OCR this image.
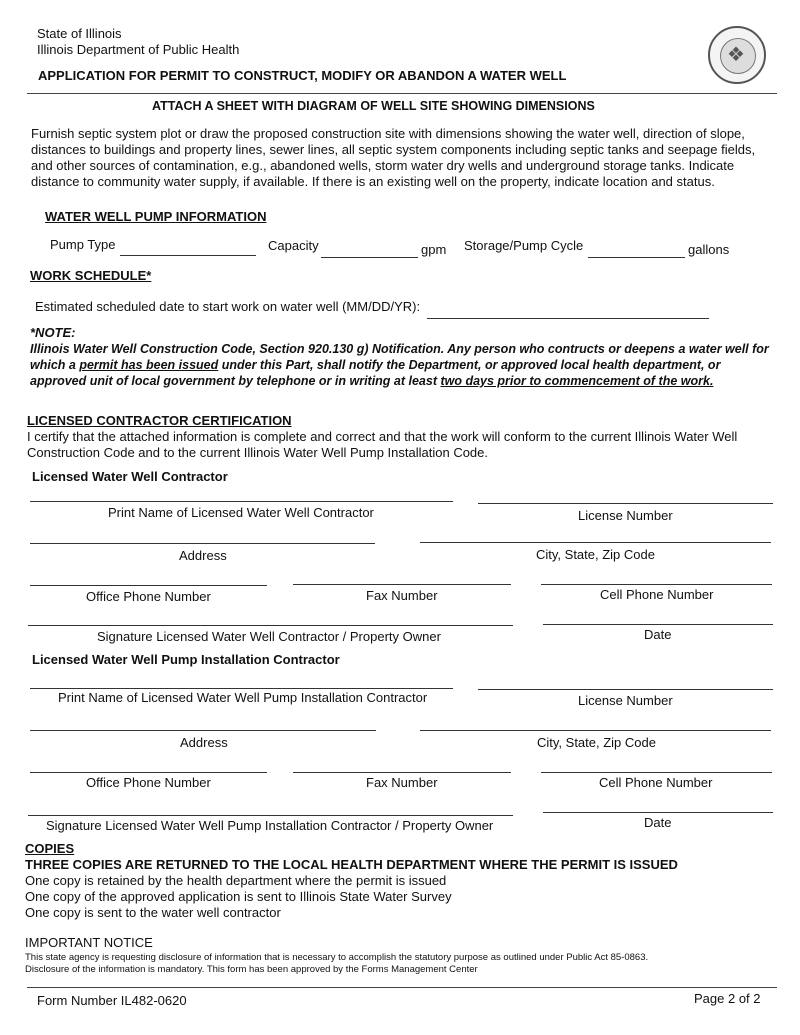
State of Illinois
Illinois Department of Public Health
APPLICATION FOR PERMIT TO CONSTRUCT, MODIFY OR ABANDON A WATER WELL
❖
ATTACH A SHEET WITH DIAGRAM OF WELL SITE SHOWING DIMENSIONS
Furnish septic system plot or draw the proposed construction site with dimensions showing the water well, direction of slope, distances to buildings and property lines, sewer lines, all septic system components including septic tanks and seepage fields, and other sources of contamination, e.g., abandoned wells, storm water dry wells and underground storage tanks. Indicate distance to community water supply, if available. If there is an existing well on the property, indicate location and status.
WATER WELL PUMP INFORMATION
Pump Type	Capacity	gpm Storage/Pump Cycle	gallons
WORK SCHEDULE*
Estimated scheduled date to start work on water well (MM/DD/YR):
*NOTE:
Illinois Water Well Construction Code, Section 920.130 g) Notification. Any person who contructs or deepens a water well for which a permit has been issued under this Part, shall notify the Department, or approved local health department, or approved unit of local government by telephone or in writing at least two days prior to commencement of the work.
LICENSED CONTRACTOR CERTIFICATION
I certify that the attached information is complete and correct and that the work will conform to the current Illinois Water Well Construction Code and to the current Illinois Water Well Pump Installation Code.
Licensed Water Well Contractor
Print Name of Licensed Water Well Contractor	License Number
Address	City, State, Zip Code
Office Phone Number	Fax Number	Cell Phone Number
Signature Licensed Water Well Contractor / Property Owner	Date
Licensed Water Well Pump Installation Contractor
Print Name of Licensed Water Well Pump Installation Contractor	License Number
Address	City, State, Zip Code
Office Phone Number	Fax Number	Cell Phone Number
Signature Licensed Water Well Pump Installation Contractor / Property Owner	Date
COPIES
THREE COPIES ARE RETURNED TO THE LOCAL HEALTH DEPARTMENT WHERE THE PERMIT IS ISSUED
One copy is retained by the health department where the permit is issued
One copy of the approved application is sent to Illinois State Water Survey
One copy is sent to the water well contractor
IMPORTANT NOTICE
This state agency is requesting disclosure of information that is necessary to accomplish the statutory purpose as outlined under Public Act 85-0863.
Disclosure of the information is mandatory. This form has been approved by the Forms Management Center
Form Number IL482-0620	Page 2 of 2
